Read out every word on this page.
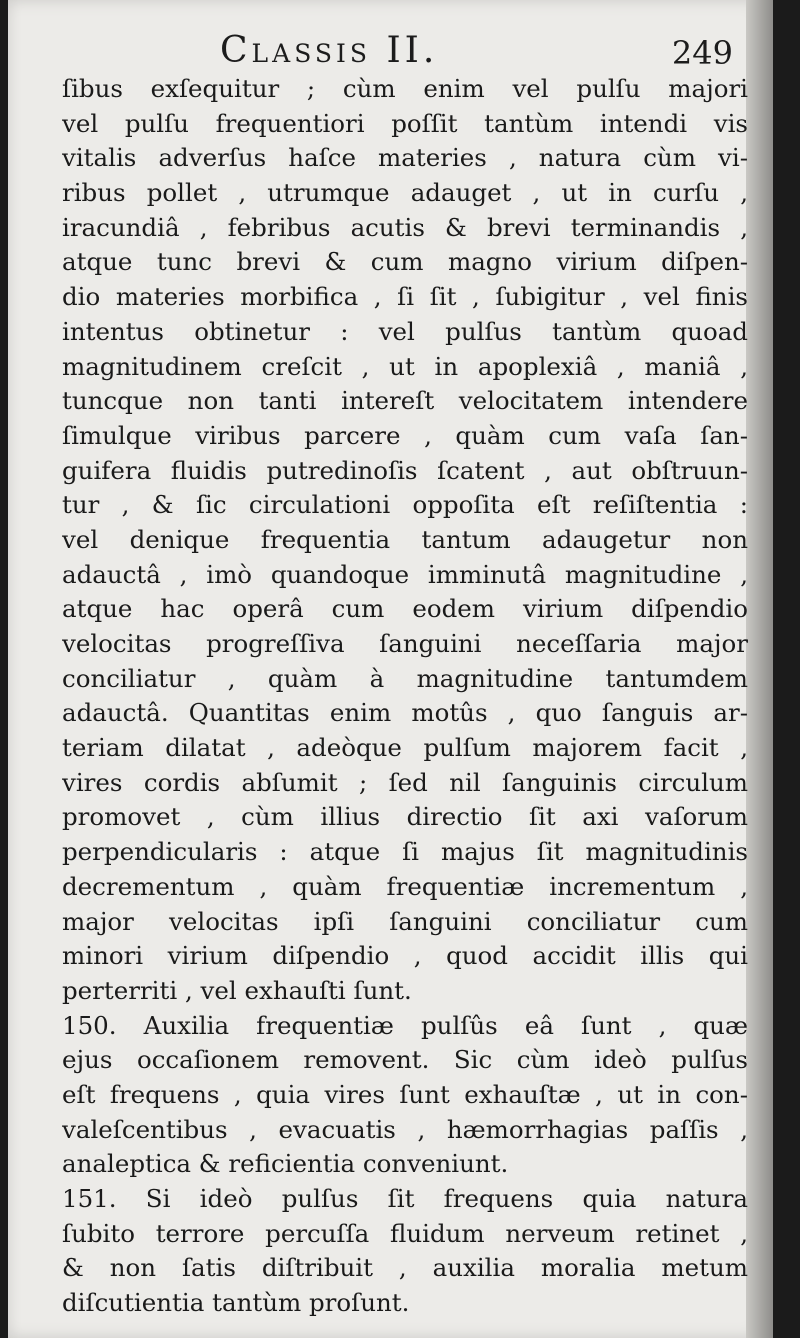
Classis II.	249
ſibus exſequitur ; cùm enim vel pulſu majori
vel pulſu frequentiori poſſit tantùm intendi vis
vitalis adverſus haſce materies , natura cùm vi-
ribus pollet , utrumque adauget , ut in curſu ,
iracundiâ , febribus acutis & brevi terminandis ,
atque tunc brevi & cum magno virium diſpen-
dio materies morbifica , ſi ſit , ſubigitur , vel finis
intentus obtinetur : vel pulſus tantùm quoad
magnitudinem creſcit , ut in apoplexiâ , maniâ ,
tuncque non tanti intereſt velocitatem intendere
ſimulque viribus parcere , quàm cum vaſa ſan-
guifera fluidis putredinoſis ſcatent , aut obſtruun-
tur , & ſic circulationi oppoſita eſt reſiſtentia :
vel denique frequentia tantum adaugetur non
adauctâ , imò quandoque imminutâ magnitudine ,
atque hac operâ cum eodem virium diſpendio
velocitas progreſſiva ſanguini neceſſaria major
conciliatur , quàm à magnitudine tantumdem
adauctâ. Quantitas enim motûs , quo ſanguis ar-
teriam dilatat , adeòque pulſum majorem facit ,
vires cordis abſumit ; ſed nil ſanguinis circulum
promovet , cùm illius directio ſit axi vaſorum
perpendicularis : atque ſi majus ſit magnitudinis
decrementum , quàm frequentiæ incrementum ,
major velocitas ipſi ſanguini conciliatur cum
minori virium diſpendio , quod accidit illis qui
perterriti , vel exhauſti ſunt.
150. Auxilia frequentiæ pulſûs eâ ſunt , quæ
ejus occaſionem removent. Sic cùm ideò pulſus
eſt frequens , quia vires ſunt exhauſtæ , ut in con-
valeſcentibus , evacuatis , hæmorrhagias paſſis ,
analeptica & reficientia conveniunt.
151. Si ideò pulſus ſit frequens quia natura
ſubito terrore percuſſa fluidum nerveum retinet ,
& non ſatis diſtribuit , auxilia moralia metum
diſcutientia tantùm proſunt.
